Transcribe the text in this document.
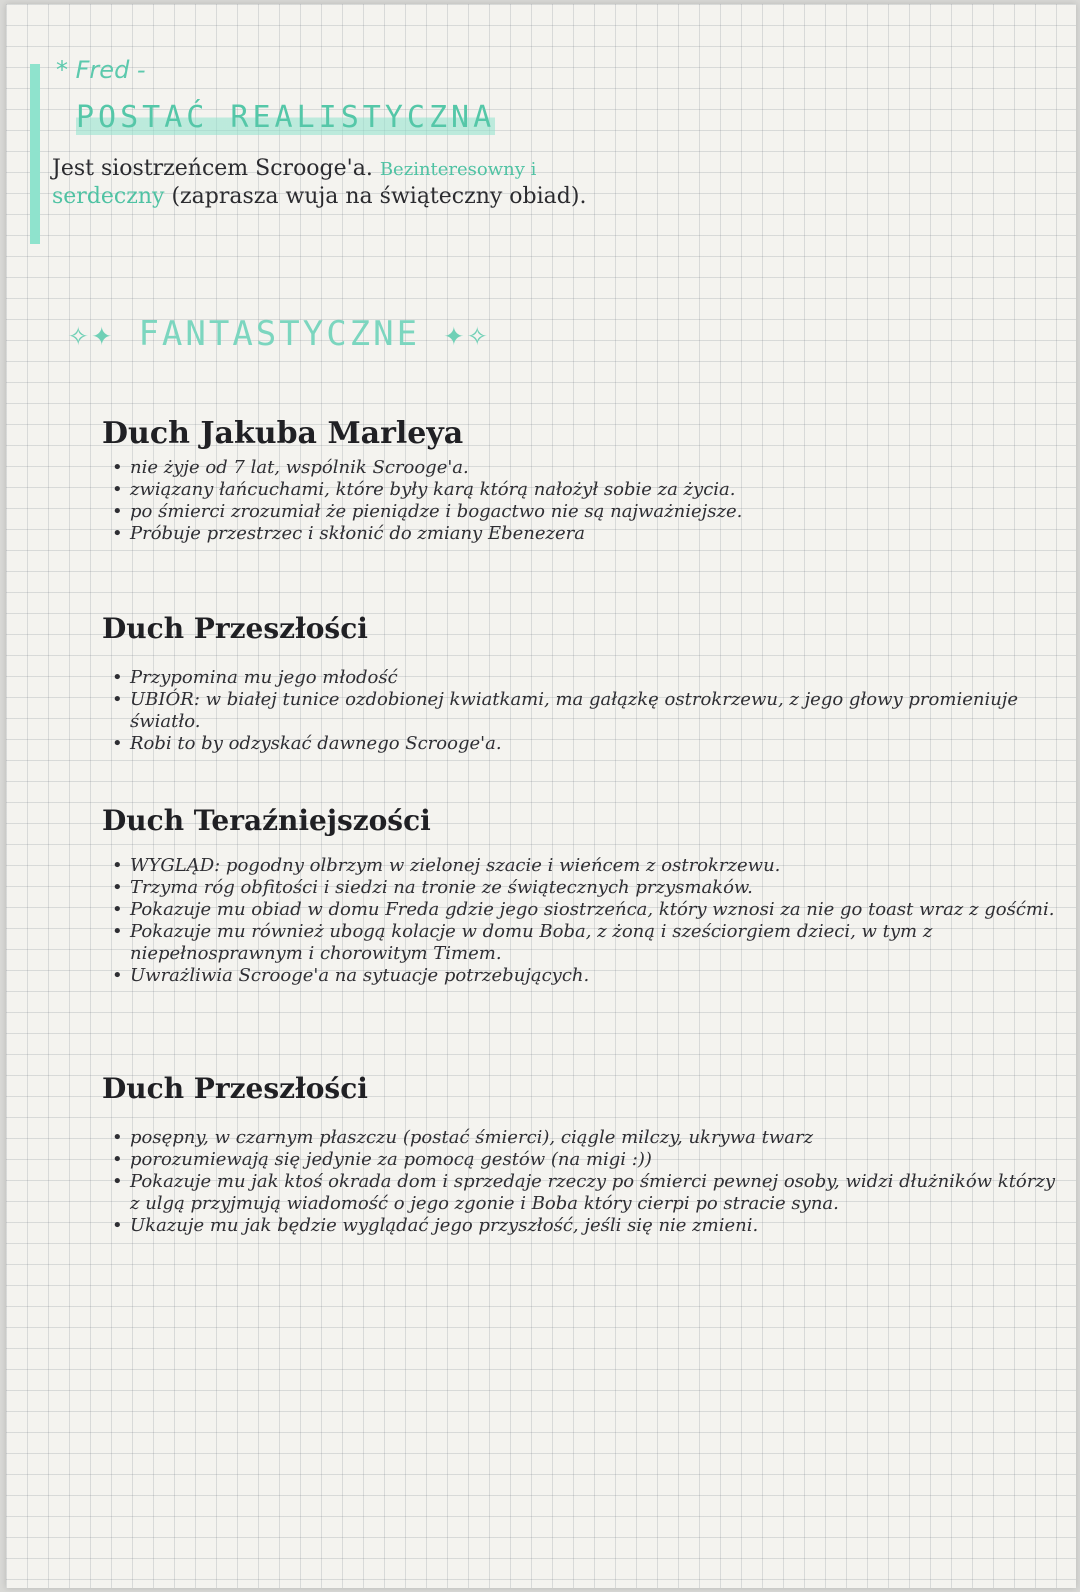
* Fred -
POSTAĆ REALISTYCZNA
Jest siostrzeńcem Scrooge'a. Bezinteresowny i
serdeczny (zaprasza wuja na świąteczny obiad).
✧✦ FANTASTYCZNE ✦✧
Duch Jakuba Marleya
• nie żyje od 7 lat, wspólnik Scrooge'a.
• związany łańcuchami, które były karą którą nałożył sobie za życia.
• po śmierci zrozumiał że pieniądze i bogactwo nie są najważniejsze.
• Próbuje przestrzec i skłonić do zmiany Ebenezera
Duch Przeszłości
• Przypomina mu jego młodość
• UBIÓR: w białej tunice ozdobionej kwiatkami, ma gałązkę ostrokrzewu, z jego głowy promieniuje światło.
• Robi to by odzyskać dawnego Scrooge'a.
Duch Teraźniejszości
• WYGLĄD: pogodny olbrzym w zielonej szacie i wieńcem z ostrokrzewu.
• Trzyma róg obfitości i siedzi na tronie ze świątecznych przysmaków.
• Pokazuje mu obiad w domu Freda gdzie jego siostrzeńca, który wznosi za nie go toast wraz z gośćmi.
• Pokazuje mu również ubogą kolacje w domu Boba, z żoną i sześciorgiem dzieci, w tym z niepełnosprawnym i chorowitym Timem.
• Uwrażliwia Scrooge'a na sytuacje potrzebujących.
Duch Przeszłości
• posępny, w czarnym płaszczu (postać śmierci), ciągle milczy, ukrywa twarz
• porozumiewają się jedynie za pomocą gestów (na migi :))
• Pokazuje mu jak ktoś okrada dom i sprzedaje rzeczy po śmierci pewnej osoby, widzi dłużników którzy z ulgą przyjmują wiadomość o jego zgonie i Boba który cierpi po stracie syna.
• Ukazuje mu jak będzie wyglądać jego przyszłość, jeśli się nie zmieni.
